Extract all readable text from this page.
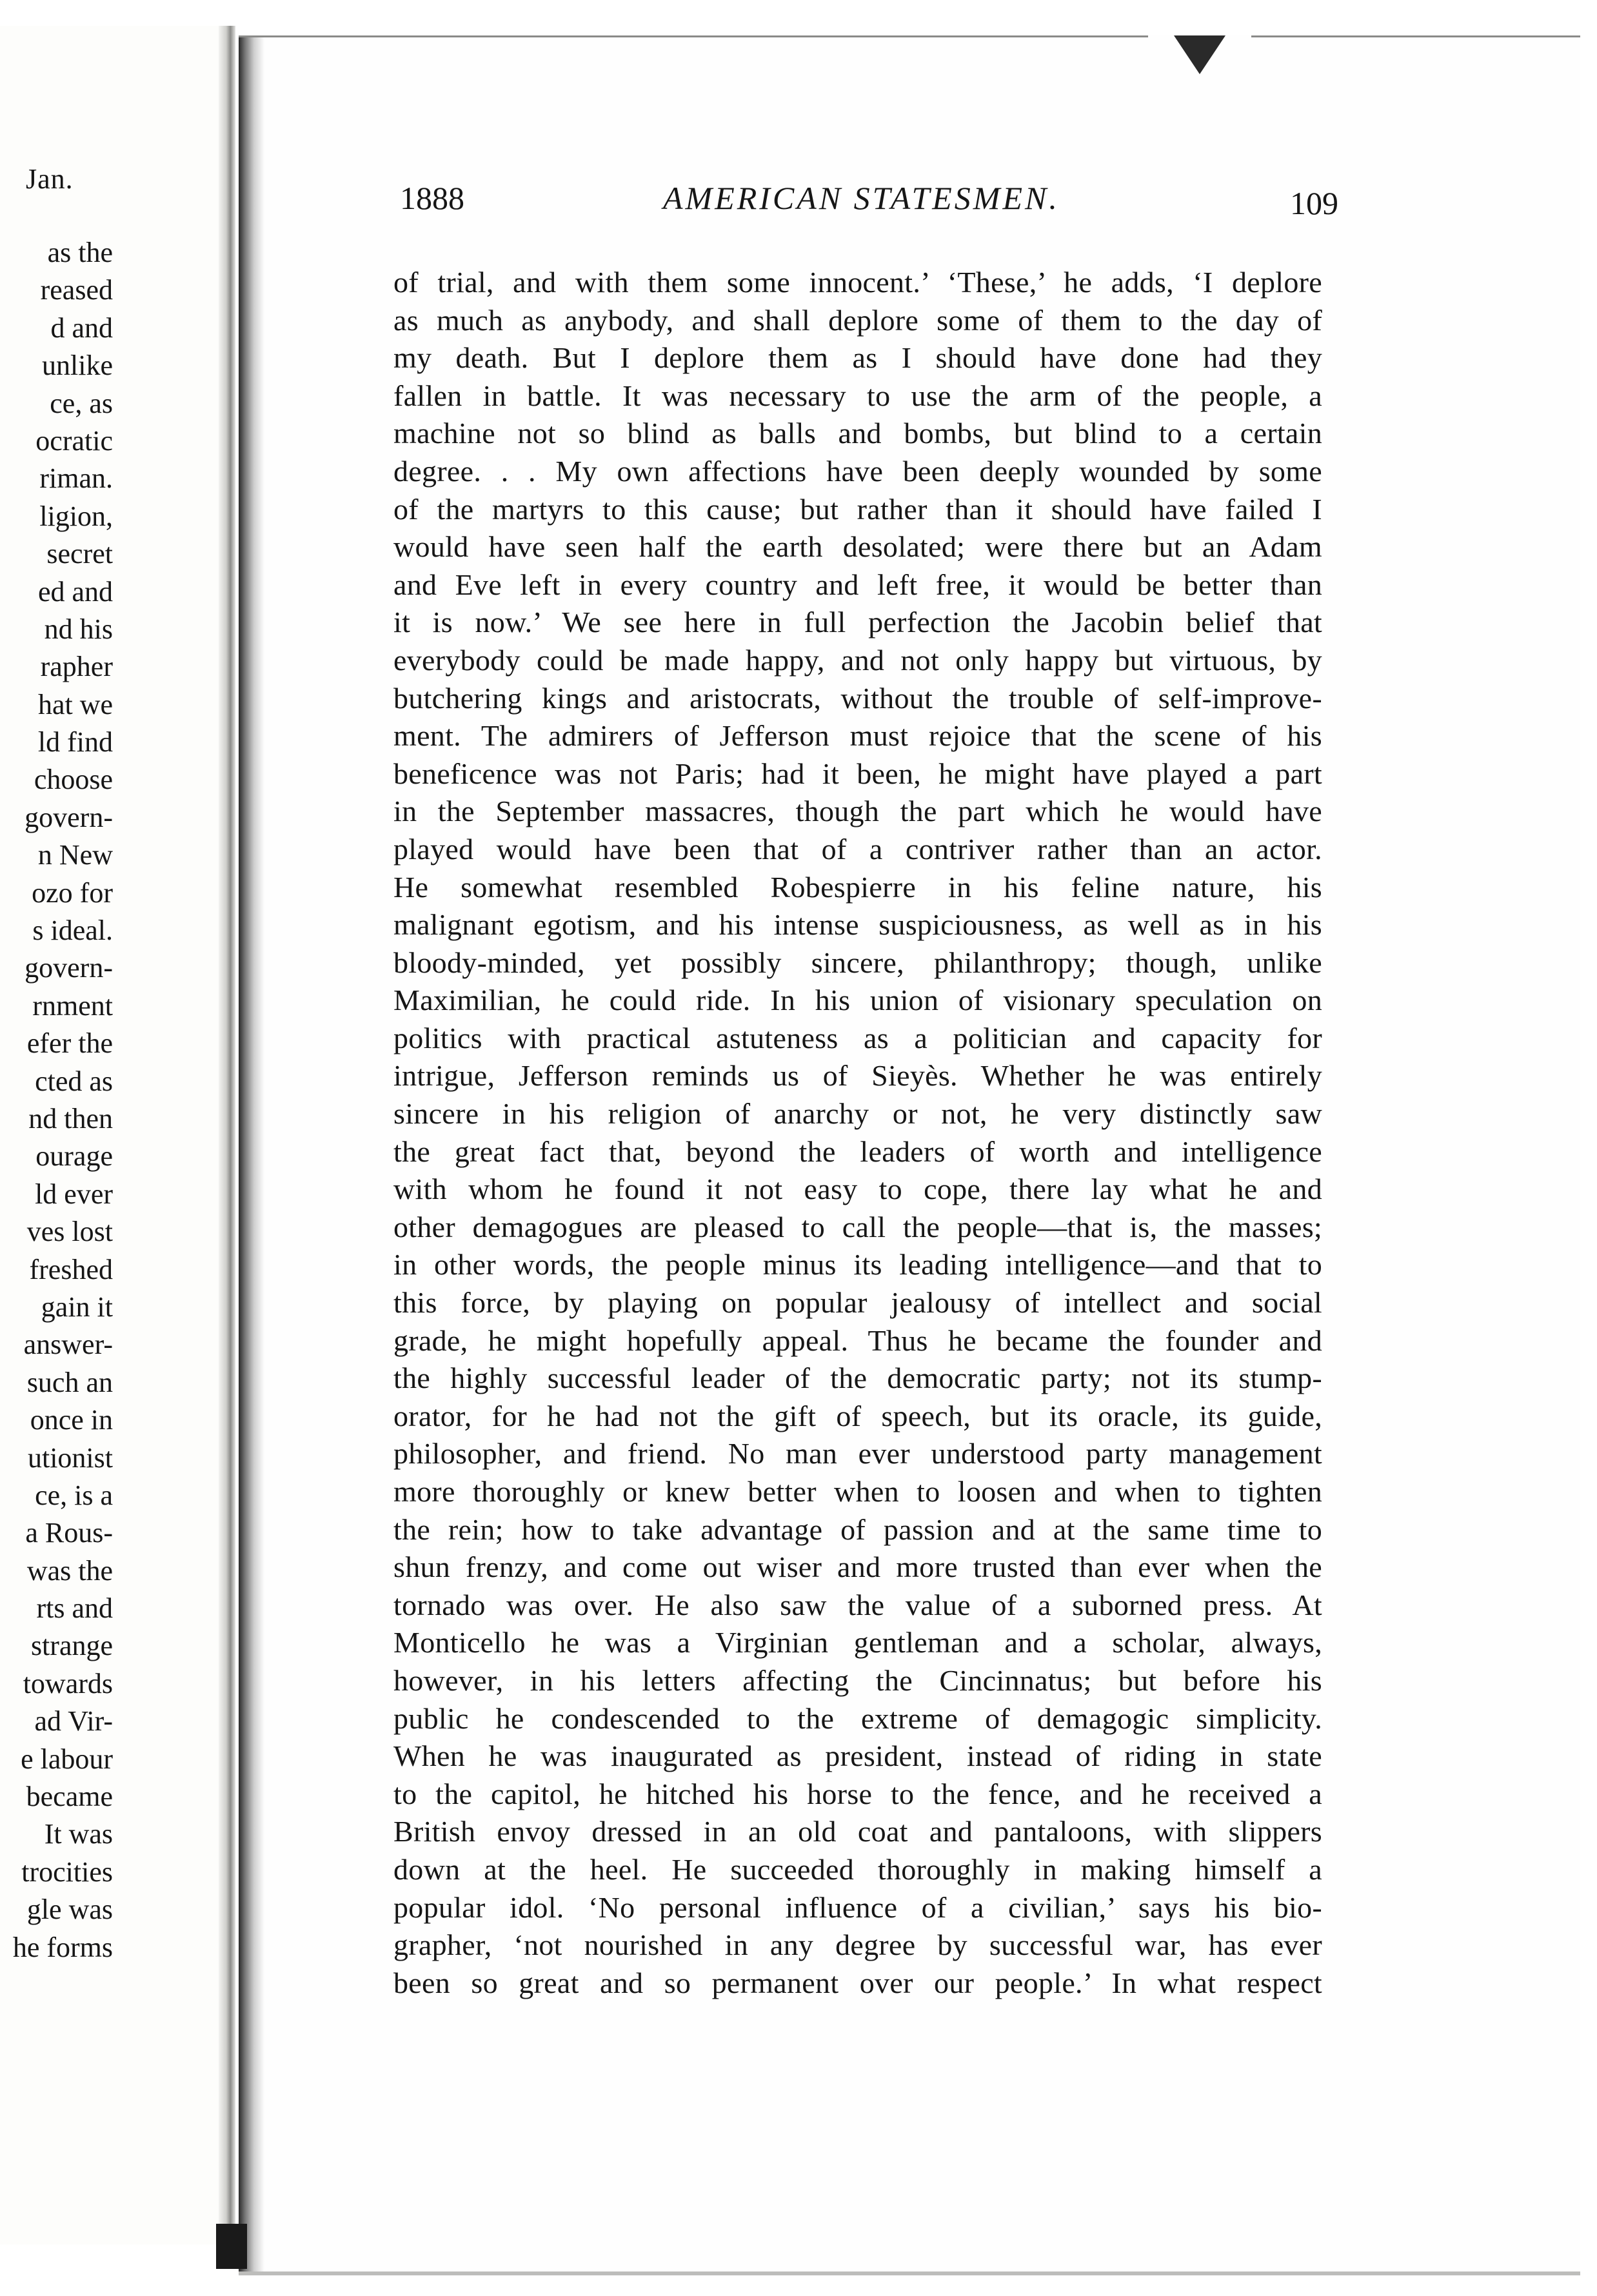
Jan.
as the
reased
d and
unlike
ce, as
ocratic
riman.
ligion,
secret
ed and
nd his
rapher
hat we
ld find
choose
govern-
n New
ozo for
s ideal.
govern-
rnment
efer the
cted as
nd then
ourage
ld ever
ves lost
freshed
gain it
answer-
such an
once in
utionist
ce, is a
a Rous-
was the
rts and
strange
towards
ad Vir-
e labour
became
It was
trocities
gle was
he forms
1888	AMERICAN STATESMEN.	109
of trial, and with them some innocent.’ ‘These,’ he adds, ‘I deplore
as much as anybody, and shall deplore some of them to the day of
my death. But I deplore them as I should have done had they
fallen in battle. It was necessary to use the arm of the people, a
machine not so blind as balls and bombs, but blind to a certain
degree. . . My own affections have been deeply wounded by some
of the martyrs to this cause; but rather than it should have failed I
would have seen half the earth desolated; were there but an Adam
and Eve left in every country and left free, it would be better than
it is now.’ We see here in full perfection the Jacobin belief that
everybody could be made happy, and not only happy but virtuous, by
butchering kings and aristocrats, without the trouble of self-improve-
ment. The admirers of Jefferson must rejoice that the scene of his
beneficence was not Paris; had it been, he might have played a part
in the September massacres, though the part which he would have
played would have been that of a contriver rather than an actor.
He somewhat resembled Robespierre in his feline nature, his
malignant egotism, and his intense suspiciousness, as well as in his
bloody-minded, yet possibly sincere, philanthropy; though, unlike
Maximilian, he could ride. In his union of visionary speculation on
politics with practical astuteness as a politician and capacity for
intrigue, Jefferson reminds us of Sieyès. Whether he was entirely
sincere in his religion of anarchy or not, he very distinctly saw
the great fact that, beyond the leaders of worth and intelligence
with whom he found it not easy to cope, there lay what he and
other demagogues are pleased to call the people—that is, the masses;
in other words, the people minus its leading intelligence—and that to
this force, by playing on popular jealousy of intellect and social
grade, he might hopefully appeal. Thus he became the founder and
the highly successful leader of the democratic party; not its stump-
orator, for he had not the gift of speech, but its oracle, its guide,
philosopher, and friend. No man ever understood party management
more thoroughly or knew better when to loosen and when to tighten
the rein; how to take advantage of passion and at the same time to
shun frenzy, and come out wiser and more trusted than ever when the
tornado was over. He also saw the value of a suborned press. At
Monticello he was a Virginian gentleman and a scholar, always,
however, in his letters affecting the Cincinnatus; but before his
public he condescended to the extreme of demagogic simplicity.
When he was inaugurated as president, instead of riding in state
to the capitol, he hitched his horse to the fence, and he received a
British envoy dressed in an old coat and pantaloons, with slippers
down at the heel. He succeeded thoroughly in making himself a
popular idol. ‘No personal influence of a civilian,’ says his bio-
grapher, ‘not nourished in any degree by successful war, has ever
been so great and so permanent over our people.’ In what respect
